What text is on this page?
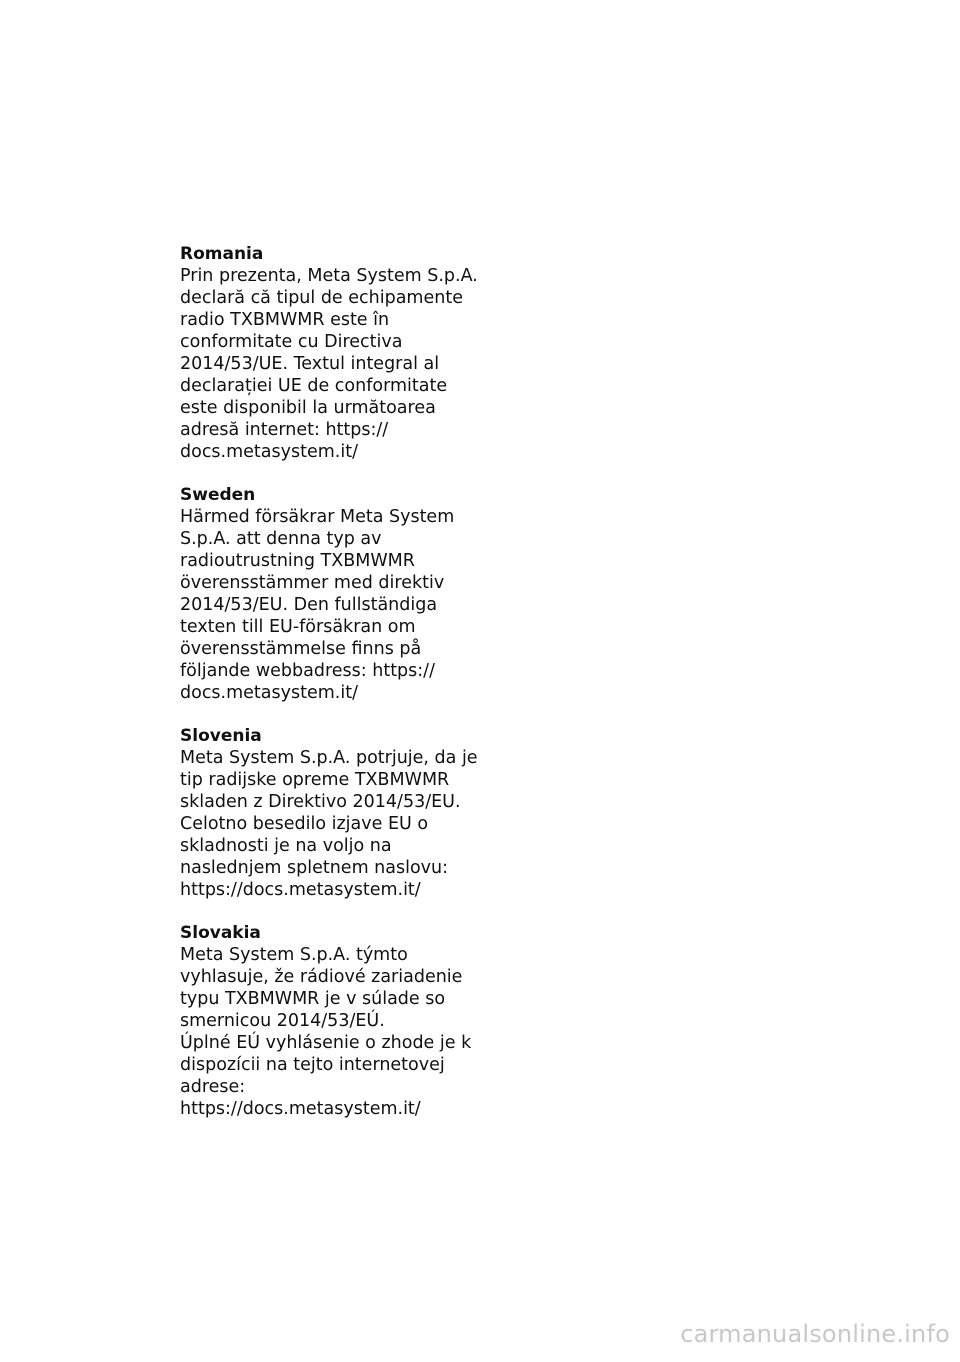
Romania
Prin prezenta, Meta System S.p.A.
declară că tipul de echipamente
radio TXBMWMR este în
conformitate cu Directiva
2014/53/UE. Textul integral al
declarației UE de conformitate
este disponibil la următoarea
adresă internet: https://
docs.metasystem.it/
Sweden
Härmed försäkrar Meta System
S.p.A. att denna typ av
radioutrustning TXBMWMR
överensstämmer med direktiv
2014/53/EU. Den fullständiga
texten till EU-försäkran om
överensstämmelse finns på
följande webbadress: https://
docs.metasystem.it/
Slovenia
Meta System S.p.A. potrjuje, da je
tip radijske opreme TXBMWMR
skladen z Direktivo 2014/53/EU.
Celotno besedilo izjave EU o
skladnosti je na voljo na
naslednjem spletnem naslovu:
https://docs.metasystem.it/
Slovakia
Meta System S.p.A. týmto
vyhlasuje, že rádiové zariadenie
typu TXBMWMR je v súlade so
smernicou 2014/53/EÚ.
Úplné EÚ vyhlásenie o zhode je k
dispozícii na tejto internetovej
adrese:
https://docs.metasystem.it/
carmanualsonline.info
